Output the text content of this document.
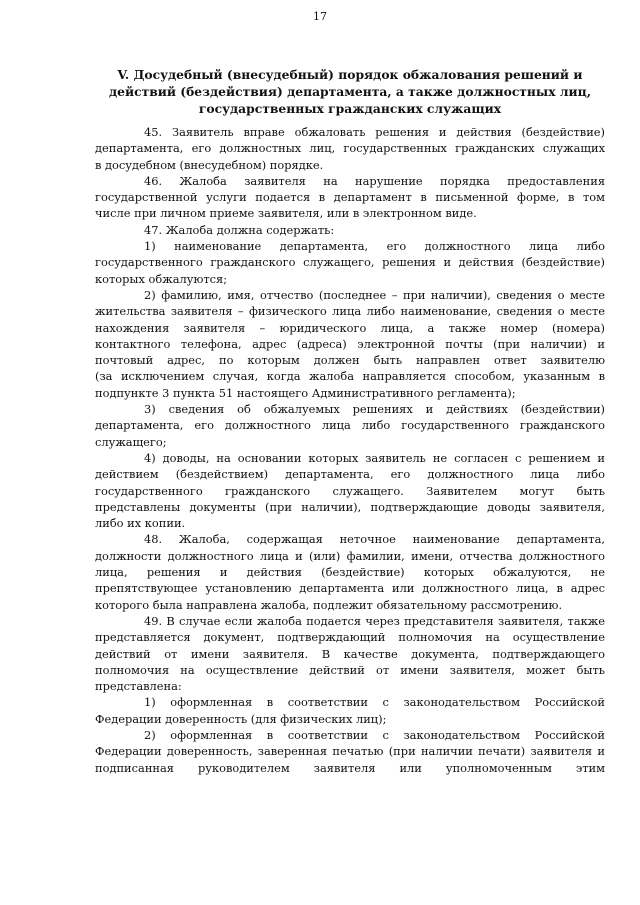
17
V. Досудебный (внесудебный) порядок обжалования решений и
действий (бездействия) департамента, а также должностных лиц,
государственных гражданских служащих
45. Заявитель вправе обжаловать решения и действия (бездействие)
департамента, его должностных лиц, государственных гражданских служащих
в досудебном (внесудебном) порядке.
46. Жалоба заявителя на нарушение порядка предоставления
государственной услуги подается в департамент в письменной форме, в том
числе при личном приеме заявителя, или в электронном виде.
47. Жалоба должна содержать:
1) наименование департамента, его должностного лица либо
государственного гражданского служащего, решения и действия (бездействие)
которых обжалуются;
2) фамилию, имя, отчество (последнее – при наличии), сведения о месте
жительства заявителя – физического лица либо наименование, сведения о месте
нахождения заявителя – юридического лица, а также номер (номера)
контактного телефона, адрес (адреса) электронной почты (при наличии) и
почтовый адрес, по которым должен быть направлен ответ заявителю
(за исключением случая, когда жалоба направляется способом, указанным в
подпункте 3 пункта 51 настоящего Административного регламента);
3) сведения об обжалуемых решениях и действиях (бездействии)
департамента, его должностного лица либо государственного гражданского
служащего;
4) доводы, на основании которых заявитель не согласен с решением и
действием (бездействием) департамента, его должностного лица либо
государственного гражданского служащего. Заявителем могут быть
представлены документы (при наличии), подтверждающие доводы заявителя,
либо их копии.
48. Жалоба, содержащая неточное наименование департамента,
должности должностного лица и (или) фамилии, имени, отчества должностного
лица, решения и действия (бездействие) которых обжалуются, не
препятствующее установлению департамента или должностного лица, в адрес
которого была направлена жалоба, подлежит обязательному рассмотрению.
49. В случае если жалоба подается через представителя заявителя, также
представляется документ, подтверждающий полномочия на осуществление
действий от имени заявителя. В качестве документа, подтверждающего
полномочия на осуществление действий от имени заявителя, может быть
представлена:
1) оформленная в соответствии с законодательством Российской
Федерации доверенность (для физических лиц);
2) оформленная в соответствии с законодательством Российской
Федерации доверенность, заверенная печатью (при наличии печати) заявителя и
подписанная руководителем заявителя или уполномоченным этим
